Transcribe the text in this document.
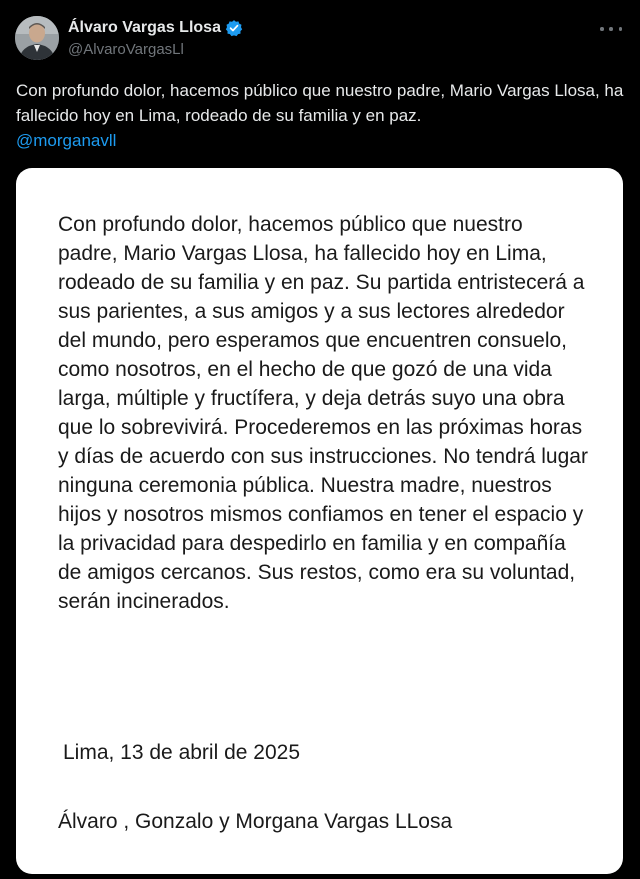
Álvaro Vargas Llosa
@AlvaroVargasLl

Con profundo dolor, hacemos público que nuestro padre, Mario Vargas Llosa, ha fallecido hoy en Lima, rodeado de su familia y en paz.
@morganavll

Con profundo dolor, hacemos público que nuestro padre, Mario Vargas Llosa, ha fallecido hoy en Lima, rodeado de su familia y en paz. Su partida entristecerá a sus parientes, a sus amigos y a sus lectores alrededor del mundo, pero esperamos que encuentren consuelo, como nosotros, en el hecho de que gozó de una vida larga, múltiple y fructífera, y deja detrás suyo una obra que lo sobrevivirá. Procederemos en las próximas horas y días de acuerdo con sus instrucciones. No tendrá lugar ninguna ceremonia pública. Nuestra madre, nuestros hijos y nosotros mismos confiamos en tener el espacio y la privacidad para despedirlo en familia y en compañía de amigos cercanos. Sus restos, como era su voluntad, serán incinerados.

Lima, 13 de abril de 2025

Álvaro , Gonzalo y Morgana Vargas LLosa
